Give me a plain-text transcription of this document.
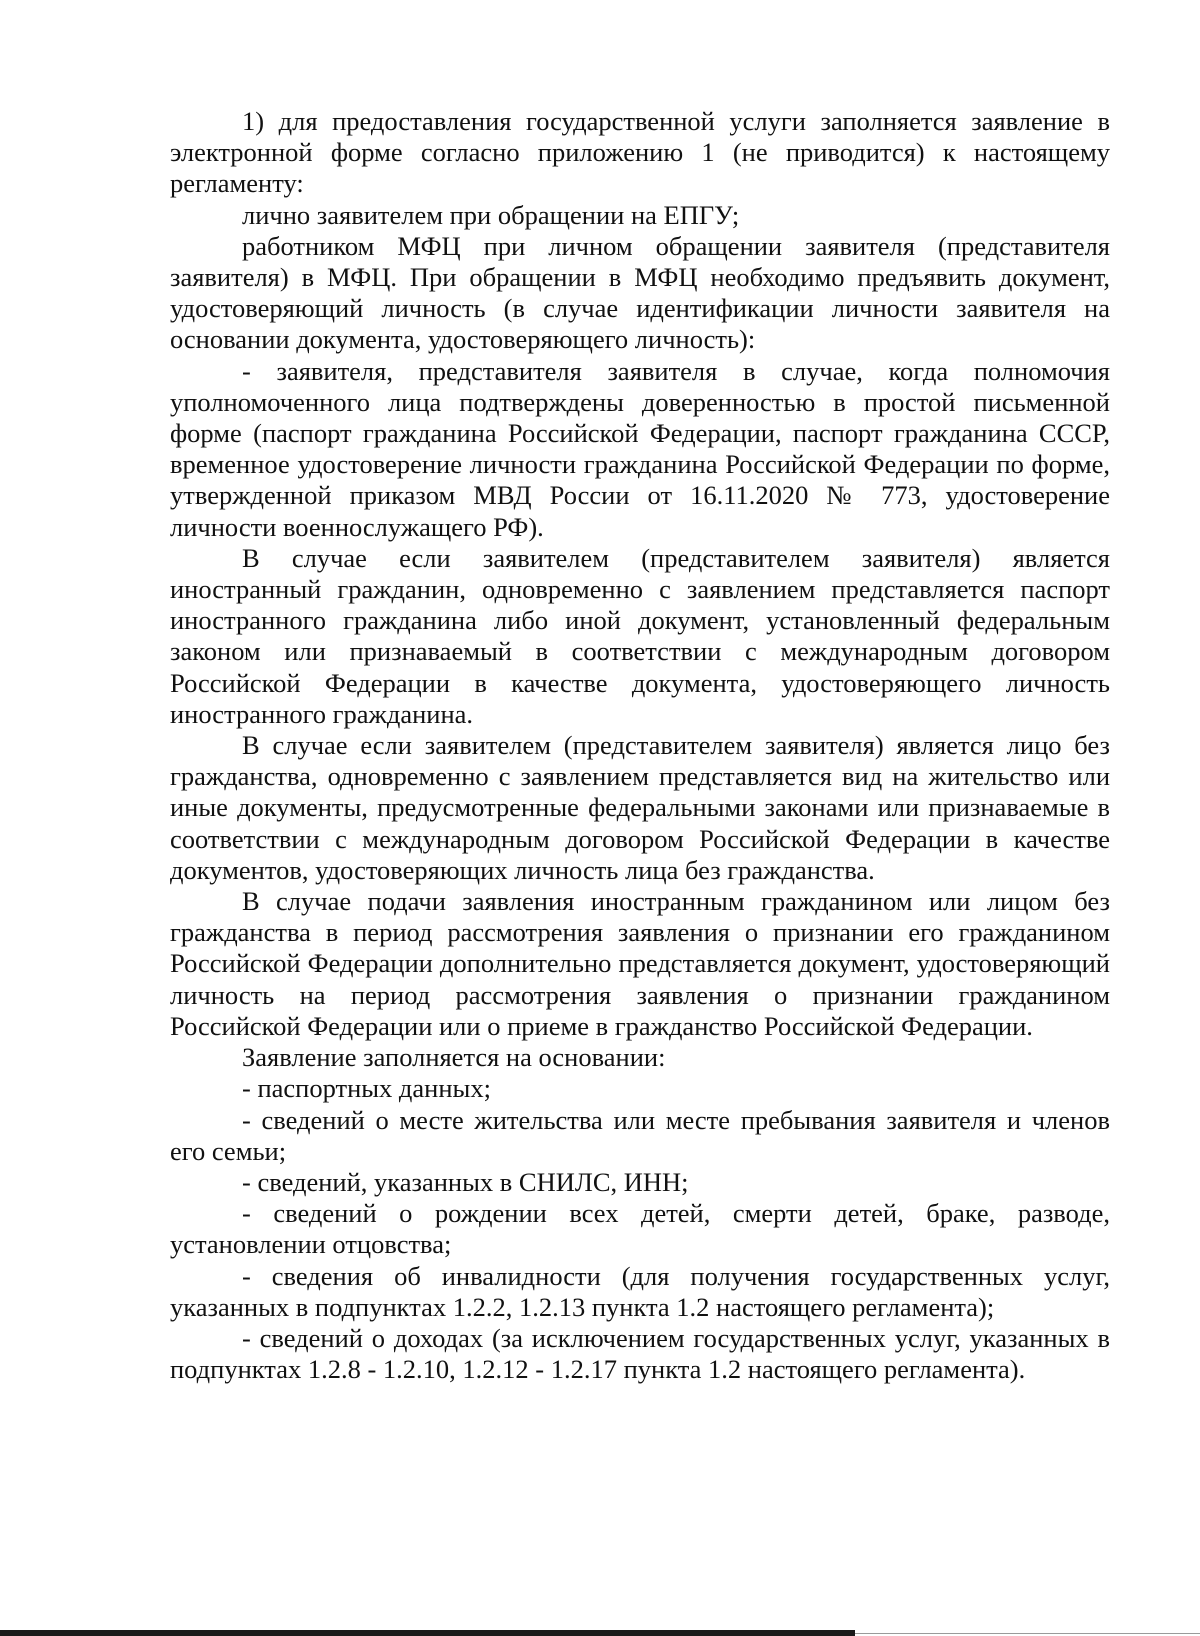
1) для предоставления государственной услуги заполняется заявление в электронной форме согласно приложению 1 (не приводится) к настоящему регламенту:

лично заявителем при обращении на ЕПГУ;

работником МФЦ при личном обращении заявителя (представителя заявителя) в МФЦ. При обращении в МФЦ необходимо предъявить документ, удостоверяющий личность (в случае идентификации личности заявителя на основании документа, удостоверяющего личность):

- заявителя, представителя заявителя в случае, когда полномочия уполномоченного лица подтверждены доверенностью в простой письменной форме (паспорт гражданина Российской Федерации, паспорт гражданина СССР, временное удостоверение личности гражданина Российской Федерации по форме, утвержденной приказом МВД России от 16.11.2020 № 773, удостоверение личности военнослужащего РФ).

В случае если заявителем (представителем заявителя) является иностранный гражданин, одновременно с заявлением представляется паспорт иностранного гражданина либо иной документ, установленный федеральным законом или признаваемый в соответствии с международным договором Российской Федерации в качестве документа, удостоверяющего личность иностранного гражданина.

В случае если заявителем (представителем заявителя) является лицо без гражданства, одновременно с заявлением представляется вид на жительство или иные документы, предусмотренные федеральными законами или признаваемые в соответствии с международным договором Российской Федерации в качестве документов, удостоверяющих личность лица без гражданства.

В случае подачи заявления иностранным гражданином или лицом без гражданства в период рассмотрения заявления о признании его гражданином Российской Федерации дополнительно представляется документ, удостоверяющий личность на период рассмотрения заявления о признании гражданином Российской Федерации или о приеме в гражданство Российской Федерации.

Заявление заполняется на основании:

- паспортных данных;

- сведений о месте жительства или месте пребывания заявителя и членов его семьи;

- сведений, указанных в СНИЛС, ИНН;

- сведений о рождении всех детей, смерти детей, браке, разводе, установлении отцовства;

- сведения об инвалидности (для получения государственных услуг, указанных в подпунктах 1.2.2, 1.2.13 пункта 1.2 настоящего регламента);

- сведений о доходах (за исключением государственных услуг, указанных в подпунктах 1.2.8 - 1.2.10, 1.2.12 - 1.2.17 пункта 1.2 настоящего регламента).
